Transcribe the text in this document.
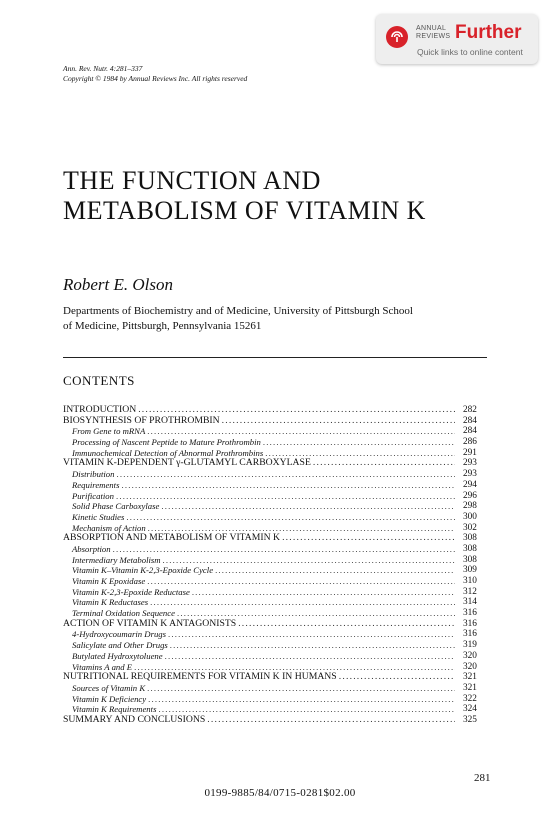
ANNUAL
REVIEWS Further
Quick links to online content
Ann. Rev. Nutr. 4:281–337
Copyright © 1984 by Annual Reviews Inc. All rights reserved
THE FUNCTION AND
METABOLISM OF VITAMIN K
Robert E. Olson
Departments of Biochemistry and of Medicine, University of Pittsburgh School
of Medicine, Pittsburgh, Pennsylvania 15261
CONTENTS
INTRODUCTION .....	282
BIOSYNTHESIS OF PROTHROMBIN .....	284
From Gene to mRNA .....	284
Processing of Nascent Peptide to Mature Prothrombin .....	286
Immunochemical Detection of Abnormal Prothrombins .....	291
VITAMIN K-DEPENDENT γ-GLUTAMYL CARBOXYLASE .....	293
Distribution .....	293
Requirements .....	294
Purification .....	296
Solid Phase Carboxylase .....	298
Kinetic Studies .....	300
Mechanism of Action .....	302
ABSORPTION AND METABOLISM OF VITAMIN K .....	308
Absorption .....	308
Intermediary Metabolism .....	308
Vitamin K–Vitamin K-2,3-Epoxide Cycle .....	309
Vitamin K Epoxidase .....	310
Vitamin K-2,3-Epoxide Reductase .....	312
Vitamin K Reductases .....	314
Terminal Oxidation Sequence .....	316
ACTION OF VITAMIN K ANTAGONISTS .....	316
4-Hydroxycoumarin Drugs .....	316
Salicylate and Other Drugs .....	319
Butylated Hydroxytoluene .....	320
Vitamins A and E .....	320
NUTRITIONAL REQUIREMENTS FOR VITAMIN K IN HUMANS .....	321
Sources of Vitamin K .....	321
Vitamin K Deficiency .....	322
Vitamin K Requirements .....	324
SUMMARY AND CONCLUSIONS .....	325
281
0199-9885/84/0715-0281$02.00
